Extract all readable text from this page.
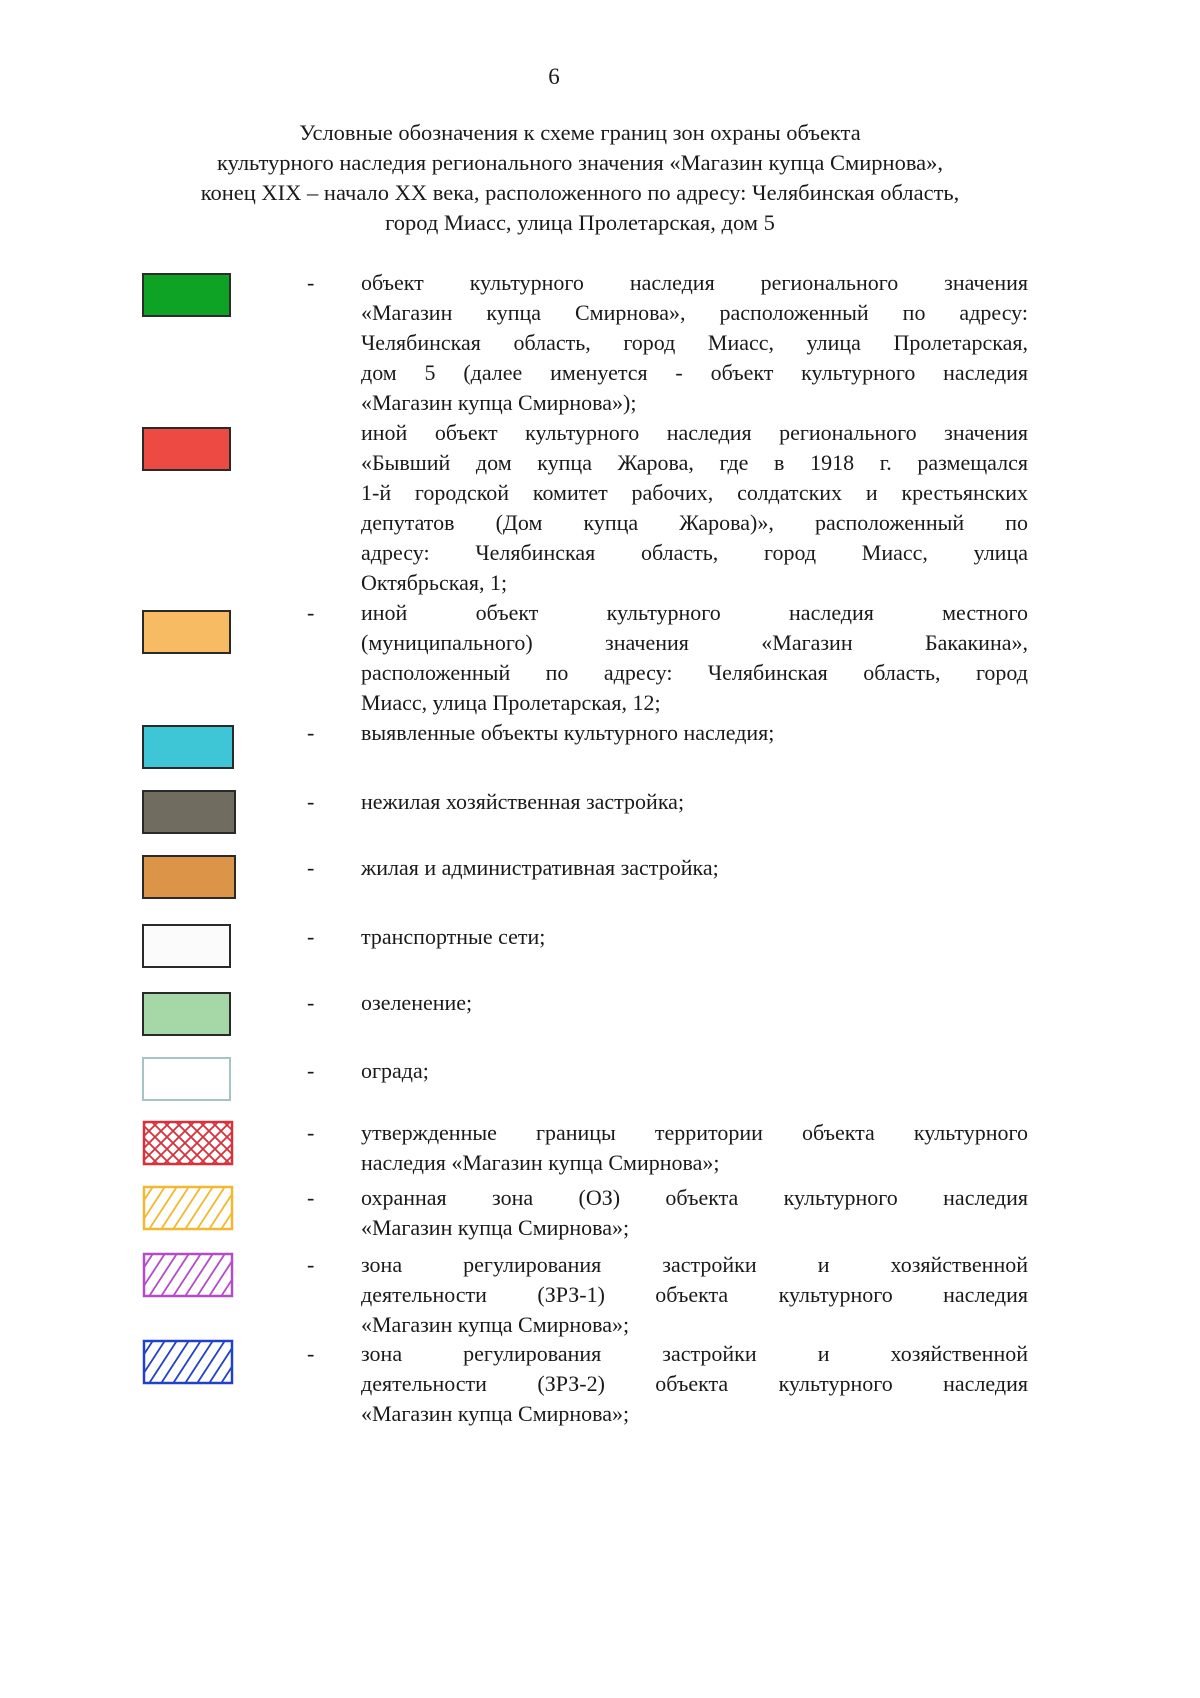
6
Условные обозначения к схеме границ зон охраны объекта
культурного наследия регионального значения «Магазин купца Смирнова»,
конец XIX – начало XX века, расположенного по адресу: Челябинская область,
город Миасс, улица Пролетарская, дом 5
- объект культурного наследия регионального значения
«Магазин купца Смирнова», расположенный по адресу:
Челябинская область, город Миасс, улица Пролетарская,
дом 5 (далее именуется - объект культурного наследия
«Магазин купца Смирнова»);
иной объект культурного наследия регионального значения
«Бывший дом купца Жарова, где в 1918 г. размещался
1-й городской комитет рабочих, солдатских и крестьянских
депутатов (Дом купца Жарова)», расположенный по
адресу: Челябинская область, город Миасс, улица
Октябрьская, 1;
- иной объект культурного наследия местного
(муниципального) значения «Магазин Бакакина»,
расположенный по адресу: Челябинская область, город
Миасс, улица Пролетарская, 12;
- выявленные объекты культурного наследия;
- нежилая хозяйственная застройка;
- жилая и административная застройка;
- транспортные сети;
- озеленение;
- ограда;
- утвержденные границы территории объекта культурного
наследия «Магазин купца Смирнова»;
- охранная зона (ОЗ) объекта культурного наследия
«Магазин купца Смирнова»;
- зона регулирования застройки и хозяйственной
деятельности (ЗРЗ-1) объекта культурного наследия
«Магазин купца Смирнова»;
- зона регулирования застройки и хозяйственной
деятельности (ЗРЗ-2) объекта культурного наследия
«Магазин купца Смирнова»;
